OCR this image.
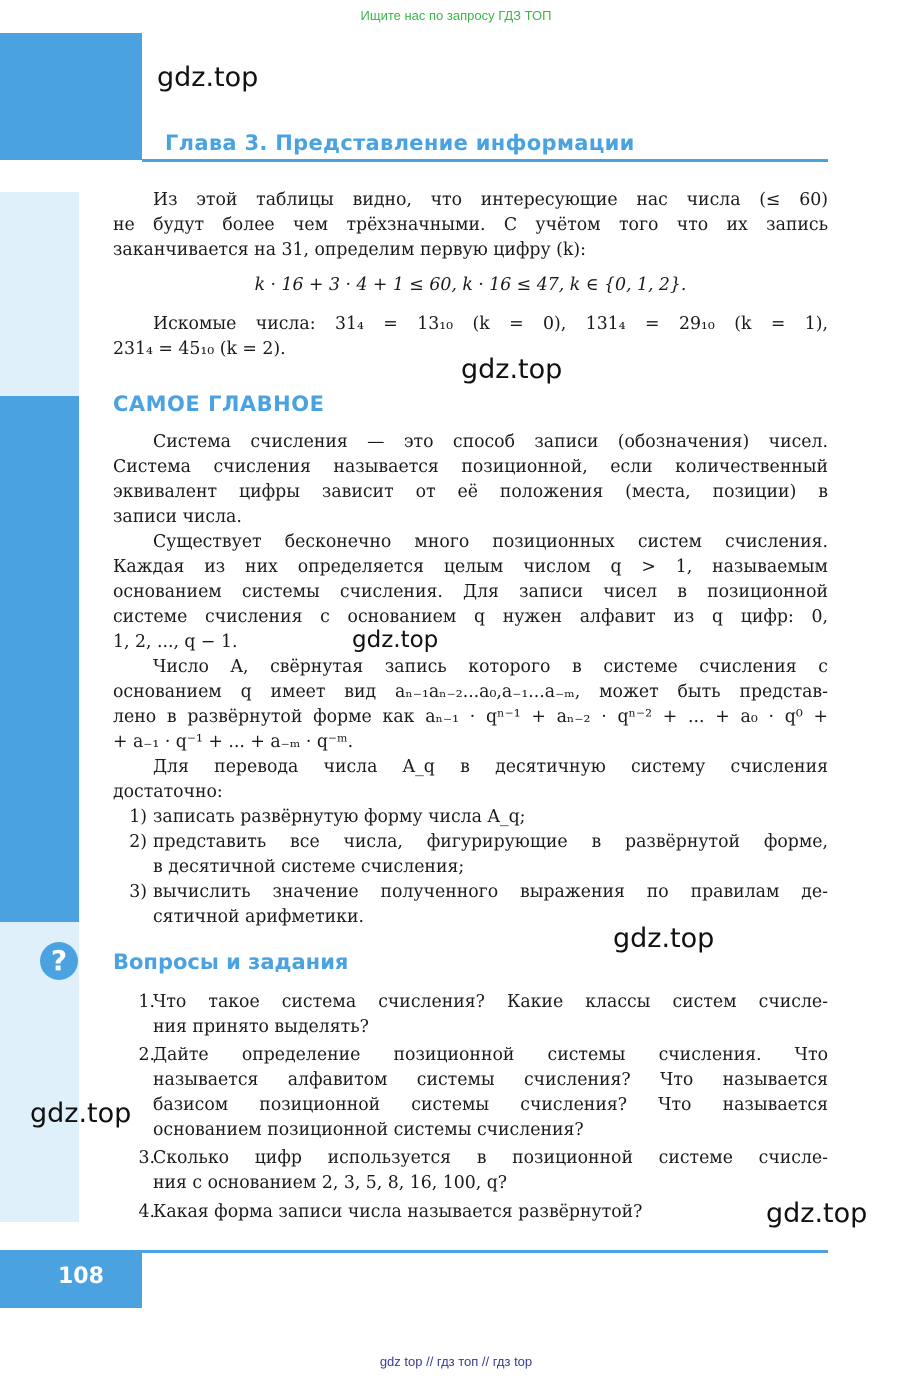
Ищите нас по запросу ГДЗ ТОП
gdz.top
gdz.top
gdz.top
gdz.top
gdz.top
gdz.top
Глава 3. Представление информации
Из этой таблицы видно, что интересующие нас числа (≤ 60)
не будут более чем трёхзначными. С учётом того что их запись
заканчивается на 31, определим первую цифру (k):
k · 16 + 3 · 4 + 1 ≤ 60, k · 16 ≤ 47, k ∈ {0, 1, 2}.
Искомые числа: 31₄ = 13₁₀ (k = 0), 131₄ = 29₁₀ (k = 1),
231₄ = 45₁₀ (k = 2).
САМОЕ ГЛАВНОЕ
Система счисления — это способ записи (обозначения) чисел.
Система счисления называется позиционной, если количественный
эквивалент цифры зависит от её положения (места, позиции) в
записи числа.
Существует бесконечно много позиционных систем счисления.
Каждая из них определяется целым числом q > 1, называемым
основанием системы счисления. Для записи чисел в позиционной
системе счисления с основанием q нужен алфавит из q цифр: 0,
1, 2, ..., q − 1.
Число A, свёрнутая запись которого в системе счисления с
основанием q имеет вид aₙ₋₁aₙ₋₂...a₀,a₋₁...a₋ₘ, может быть представ-
лено в развёрнутой форме как aₙ₋₁ · qⁿ⁻¹ + aₙ₋₂ · qⁿ⁻² + ... + a₀ · q⁰ +
+ a₋₁ · q⁻¹ + ... + a₋ₘ · q⁻ᵐ.
Для перевода числа A_q в десятичную систему счисления
достаточно:
1) записать развёрнутую форму числа A_q;
2) представить все числа, фигурирующие в развёрнутой форме,
в десятичной системе счисления;
3) вычислить значение полученного выражения по правилам де-
сятичной арифметики.
?	Вопросы и задания
1.
Что такое система счисления? Какие классы систем счисле-
ния принято выделять?
2.
Дайте определение позиционной системы счисления. Что
называется алфавитом системы счисления? Что называется
базисом позиционной системы счисления? Что называется
основанием позиционной системы счисления?
3.
Сколько цифр используется в позиционной системе счисле-
ния с основанием 2, 3, 5, 8, 16, 100, q?
4.
Какая форма записи числа называется развёрнутой?
108
gdz top // гдз топ // гдз top
